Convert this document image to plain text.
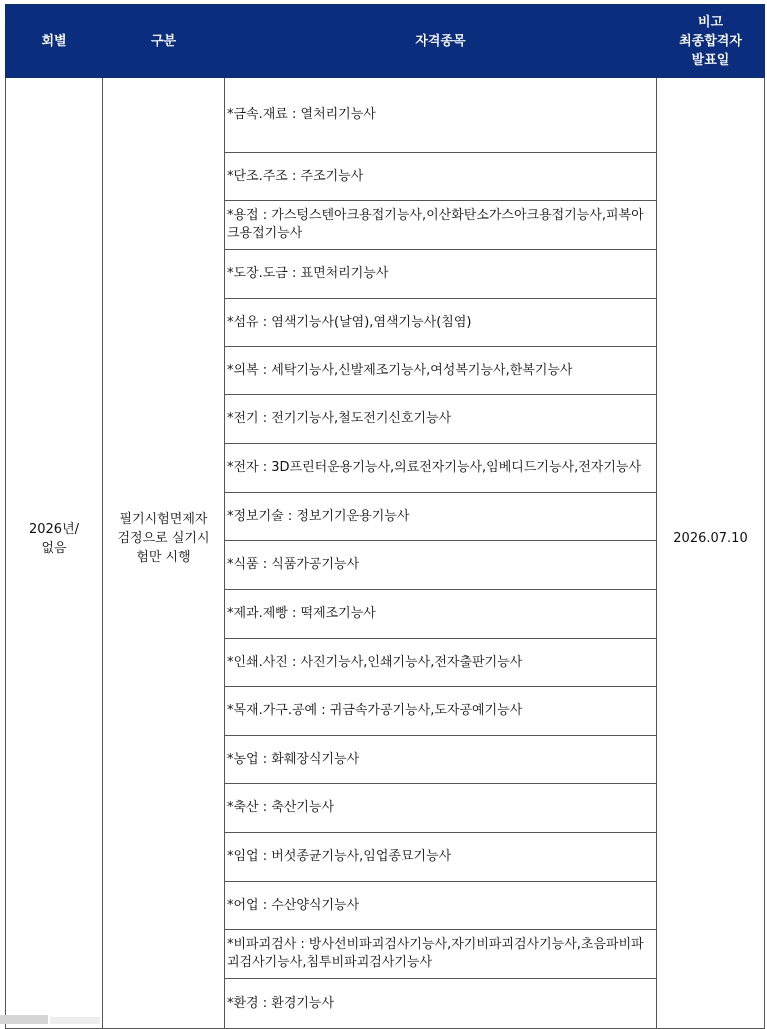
회별	구분	자격종목	비고
최종합격자
발표일

2026년/
없음	필기시험면제자
검정으로 실기시
험만 시행	*금속.재료 : 열처리기능사	2026.07.10
		*단조.주조 : 주조기능사	
		*용접 : 가스텅스텐아크용접기능사,이산화탄소가스아크용접기능사,피복아크용접기능사	
		*도장.도금 : 표면처리기능사	
		*섬유 : 염색기능사(날염),염색기능사(침염)	
		*의복 : 세탁기능사,신발제조기능사,여성복기능사,한복기능사	
		*전기 : 전기기능사,철도전기신호기능사	
		*전자 : 3D프린터운용기능사,의료전자기능사,임베디드기능사,전자기능사	
		*정보기술 : 정보기기운용기능사	
		*식품 : 식품가공기능사	
		*제과.제빵 : 떡제조기능사	
		*인쇄.사진 : 사진기능사,인쇄기능사,전자출판기능사	
		*목재.가구.공예 : 귀금속가공기능사,도자공예기능사	
		*농업 : 화훼장식기능사	
		*축산 : 축산기능사	
		*임업 : 버섯종균기능사,임업종묘기능사	
		*어업 : 수산양식기능사	
		*비파괴검사 : 방사선비파괴검사기능사,자기비파괴검사기능사,초음파비파괴검사기능사,침투비파괴검사기능사	
		*환경 : 환경기능사	
